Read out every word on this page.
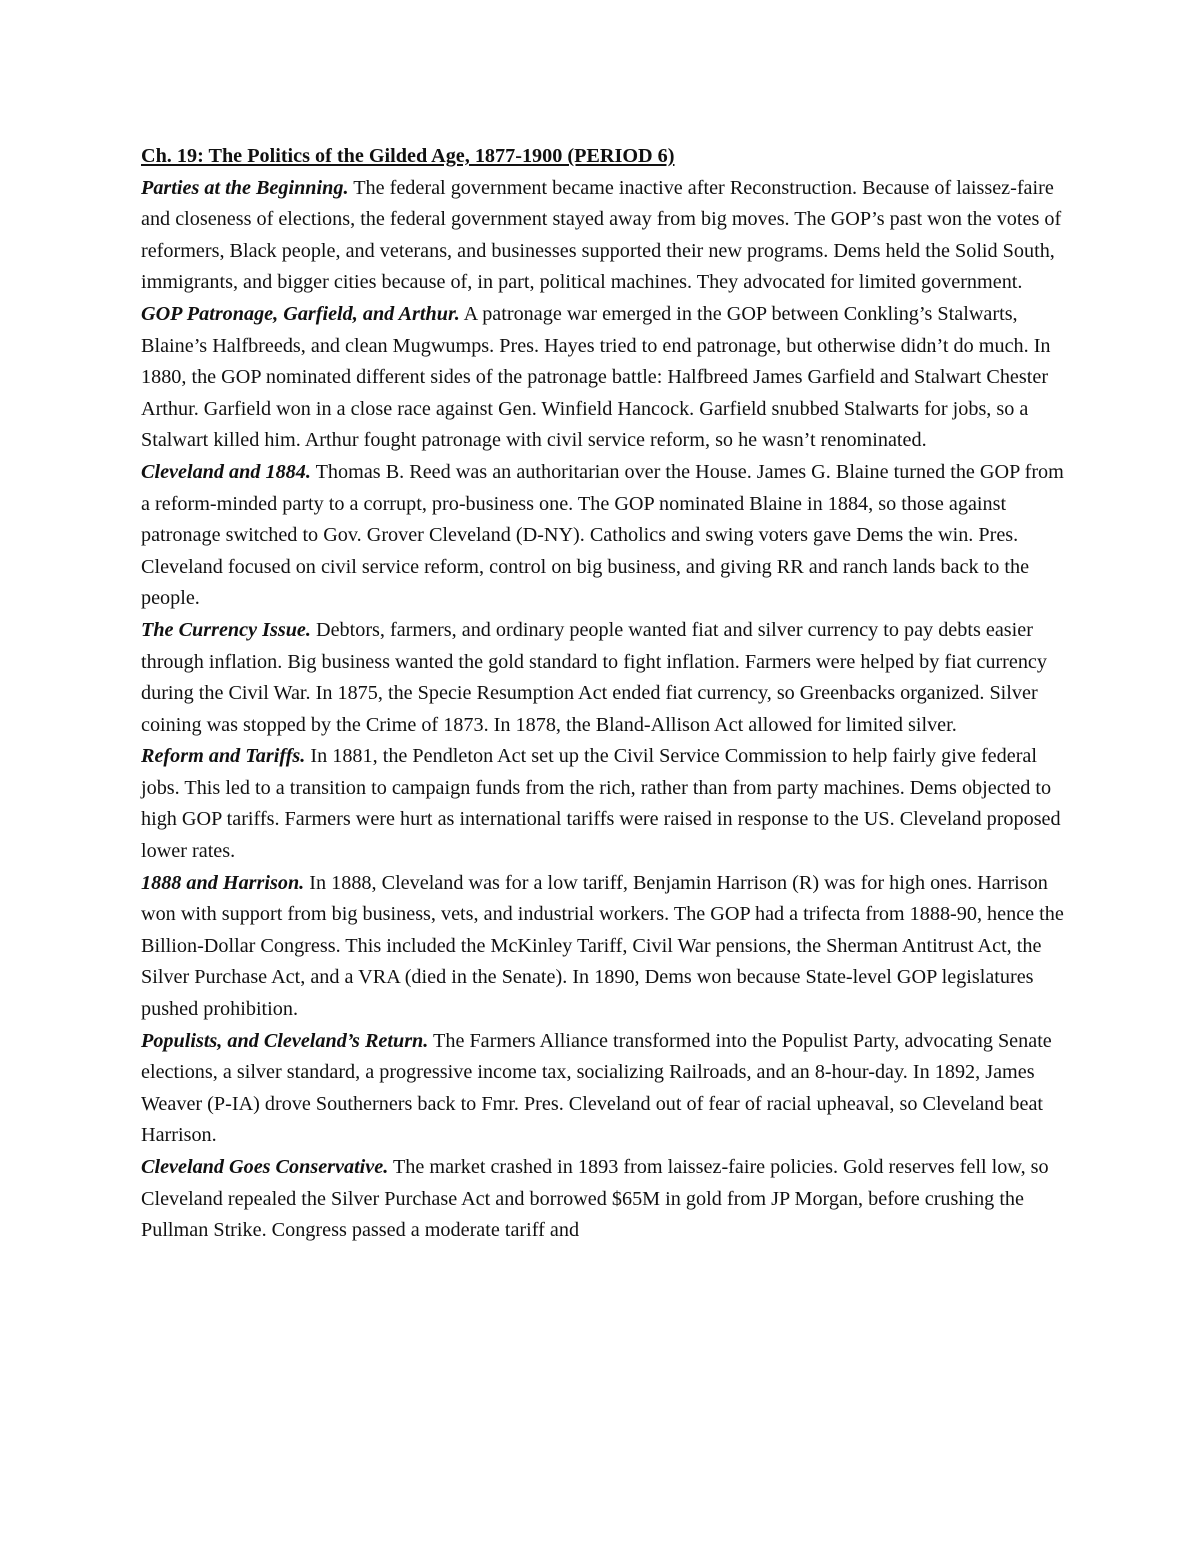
Ch. 19: The Politics of the Gilded Age, 1877-1900 (PERIOD 6)

Parties at the Beginning. The federal government became inactive after Reconstruction. Because of laissez-faire and closeness of elections, the federal government stayed away from big moves. The GOP’s past won the votes of reformers, Black people, and veterans, and businesses supported their new programs. Dems held the Solid South, immigrants, and bigger cities because of, in part, political machines. They advocated for limited government.

GOP Patronage, Garfield, and Arthur. A patronage war emerged in the GOP between Conkling’s Stalwarts, Blaine’s Halfbreeds, and clean Mugwumps. Pres. Hayes tried to end patronage, but otherwise didn’t do much. In 1880, the GOP nominated different sides of the patronage battle: Halfbreed James Garfield and Stalwart Chester Arthur. Garfield won in a close race against Gen. Winfield Hancock. Garfield snubbed Stalwarts for jobs, so a Stalwart killed him. Arthur fought patronage with civil service reform, so he wasn’t renominated.

Cleveland and 1884. Thomas B. Reed was an authoritarian over the House. James G. Blaine turned the GOP from a reform-minded party to a corrupt, pro-business one. The GOP nominated Blaine in 1884, so those against patronage switched to Gov. Grover Cleveland (D-NY). Catholics and swing voters gave Dems the win. Pres. Cleveland focused on civil service reform, control on big business, and giving RR and ranch lands back to the people.

The Currency Issue. Debtors, farmers, and ordinary people wanted fiat and silver currency to pay debts easier through inflation. Big business wanted the gold standard to fight inflation. Farmers were helped by fiat currency during the Civil War. In 1875, the Specie Resumption Act ended fiat currency, so Greenbacks organized. Silver coining was stopped by the Crime of 1873. In 1878, the Bland-Allison Act allowed for limited silver.

Reform and Tariffs. In 1881, the Pendleton Act set up the Civil Service Commission to help fairly give federal jobs. This led to a transition to campaign funds from the rich, rather than from party machines. Dems objected to high GOP tariffs. Farmers were hurt as international tariffs were raised in response to the US. Cleveland proposed lower rates.

1888 and Harrison. In 1888, Cleveland was for a low tariff, Benjamin Harrison (R) was for high ones. Harrison won with support from big business, vets, and industrial workers. The GOP had a trifecta from 1888-90, hence the Billion-Dollar Congress. This included the McKinley Tariff, Civil War pensions, the Sherman Antitrust Act, the Silver Purchase Act, and a VRA (died in the Senate). In 1890, Dems won because State-level GOP legislatures pushed prohibition.

Populists, and Cleveland’s Return. The Farmers Alliance transformed into the Populist Party, advocating Senate elections, a silver standard, a progressive income tax, socializing Railroads, and an 8-hour-day. In 1892, James Weaver (P-IA) drove Southerners back to Fmr. Pres. Cleveland out of fear of racial upheaval, so Cleveland beat Harrison.

Cleveland Goes Conservative. The market crashed in 1893 from laissez-faire policies. Gold reserves fell low, so Cleveland repealed the Silver Purchase Act and borrowed $65M in gold from JP Morgan, before crushing the Pullman Strike. Congress passed a moderate tariff and
